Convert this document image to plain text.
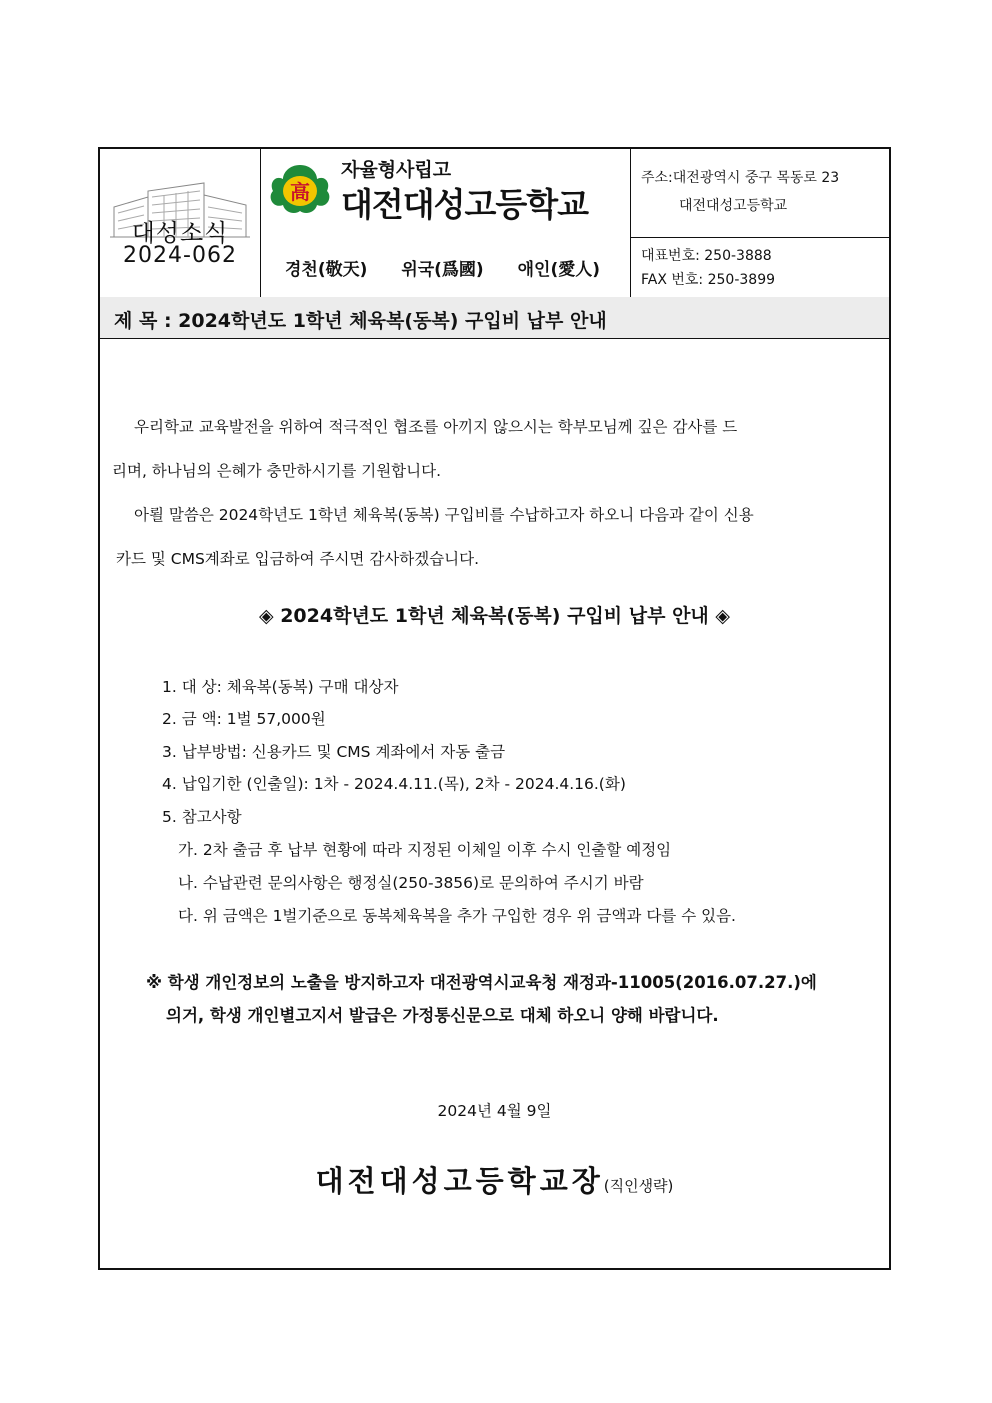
대성소식
2024-062
高
자율형사립고
대전대성고등학교
경천(敬天) 위국(爲國) 애인(愛人)
주소:대전광역시 중구 목동로 23
대전대성고등학교
대표번호: 250-3888
FAX 번호: 250-3899
제 목 : 2024학년도 1학년 체육복(동복) 구입비 납부 안내
우리학교 교육발전을 위하여 적극적인 협조를 아끼지 않으시는 학부모님께 깊은 감사를 드
리며, 하나님의 은혜가 충만하시기를 기원합니다.
아뢸 말씀은 2024학년도 1학년 체육복(동복) 구입비를 수납하고자 하오니 다음과 같이 신용
카드 및 CMS계좌로 입금하여 주시면 감사하겠습니다.
◈ 2024학년도 1학년 체육복(동복) 구입비 납부 안내 ◈
1. 대 상: 체육복(동복) 구매 대상자
2. 금 액: 1벌 57,000원
3. 납부방법: 신용카드 및 CMS 계좌에서 자동 출금
4. 납입기한 (인출일): 1차 - 2024.4.11.(목), 2차 - 2024.4.16.(화)
5. 참고사항
가. 2차 출금 후 납부 현황에 따라 지정된 이체일 이후 수시 인출할 예정임
나. 수납관련 문의사항은 행정실(250-3856)로 문의하여 주시기 바람
다. 위 금액은 1벌기준으로 동복체육복을 추가 구입한 경우 위 금액과 다를 수 있음.
※ 학생 개인정보의 노출을 방지하고자 대전광역시교육청 재정과-11005(2016.07.27.)에
의거, 학생 개인별고지서 발급은 가정통신문으로 대체 하오니 양해 바랍니다.
2024년 4월 9일
대전대성고등학교장(직인생략)
